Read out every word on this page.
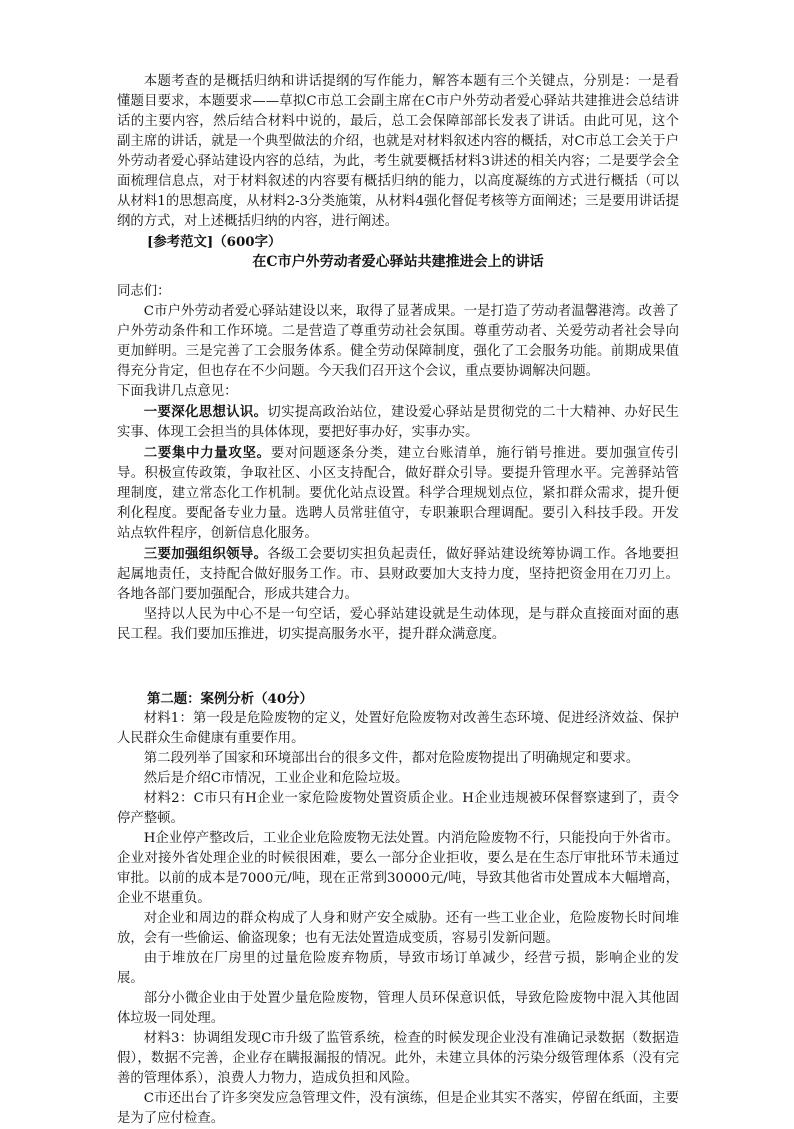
本题考查的是概括归纳和讲话提纲的写作能力，解答本题有三个关键点，分别是：一是看懂题目要求，本题要求——草拟C市总工会副主席在C市户外劳动者爱心驿站共建推进会总结讲话的主要内容，然后结合材料中说的，最后，总工会保障部部长发表了讲话。由此可见，这个副主席的讲话，就是一个典型做法的介绍，也就是对材料叙述内容的概括，对C市总工会关于户外劳动者爱心驿站建设内容的总结，为此，考生就要概括材料3讲述的相关内容；二是要学会全面梳理信息点，对于材料叙述的内容要有概括归纳的能力，以高度凝练的方式进行概括（可以从材料1的思想高度，从材料2-3分类施策，从材料4强化督促考核等方面阐述；三是要用讲话提纲的方式，对上述概括归纳的内容，进行阐述。

[参考范文]（600字）

在C市户外劳动者爱心驿站共建推进会上的讲话

同志们：

C市户外劳动者爱心驿站建设以来，取得了显著成果。一是打造了劳动者温馨港湾。改善了户外劳动条件和工作环境。二是营造了尊重劳动社会氛围。尊重劳动者、关爱劳动者社会导向更加鲜明。三是完善了工会服务体系。健全劳动保障制度，强化了工会服务功能。前期成果值得充分肯定，但也存在不少问题。今天我们召开这个会议，重点要协调解决问题。

下面我讲几点意见：

一要深化思想认识。切实提高政治站位，建设爱心驿站是贯彻党的二十大精神、办好民生实事、体现工会担当的具体体现，要把好事办好，实事办实。

二要集中力量攻坚。要对问题逐条分类，建立台账清单，施行销号推进。要加强宣传引导。积极宣传政策，争取社区、小区支持配合，做好群众引导。要提升管理水平。完善驿站管理制度，建立常态化工作机制。要优化站点设置。科学合理规划点位，紧扣群众需求，提升便利化程度。要配备专业力量。选聘人员常驻值守，专职兼职合理调配。要引入科技手段。开发站点软件程序，创新信息化服务。

三要加强组织领导。各级工会要切实担负起责任，做好驿站建设统筹协调工作。各地要担起属地责任，支持配合做好服务工作。市、县财政要加大支持力度，坚持把资金用在刀刃上。各地各部门要加强配合，形成共建合力。

坚持以人民为中心不是一句空话，爱心驿站建设就是生动体现，是与群众直接面对面的惠民工程。我们要加压推进，切实提高服务水平，提升群众满意度。

第二题：案例分析（40分）

材料1：第一段是危险废物的定义，处置好危险废物对改善生态环境、促进经济效益、保护人民群众生命健康有重要作用。

第二段列举了国家和环境部出台的很多文件，都对危险废物提出了明确规定和要求。

然后是介绍C市情况，工业企业和危险垃圾。

材料2：C市只有H企业一家危险废物处置资质企业。H企业违规被环保督察逮到了，责令停产整顿。

H企业停产整改后，工业企业危险废物无法处置。内消危险废物不行，只能投向于外省市。企业对接外省处理企业的时候很困难，要么一部分企业拒收，要么是在生态厅审批环节未通过审批。以前的成本是7000元/吨，现在正常到30000元/吨，导致其他省市处置成本大幅增高，企业不堪重负。

对企业和周边的群众构成了人身和财产安全威胁。还有一些工业企业，危险废物长时间堆放，会有一些偷运、偷盗现象；也有无法处置造成变质，容易引发新问题。

由于堆放在厂房里的过量危险废弃物质，导致市场订单减少，经营亏损，影响企业的发展。

部分小微企业由于处置少量危险废物，管理人员环保意识低，导致危险废物中混入其他固体垃圾一同处理。

材料3：协调组发现C市升级了监管系统，检查的时候发现企业没有准确记录数据（数据造假），数据不完善，企业存在瞒报漏报的情况。此外，未建立具体的污染分级管理体系（没有完善的管理体系），浪费人力物力，造成负担和风险。

C市还出台了许多突发应急管理文件，没有演练，但是企业其实不落实，停留在纸面，主要是为了应付检查。
